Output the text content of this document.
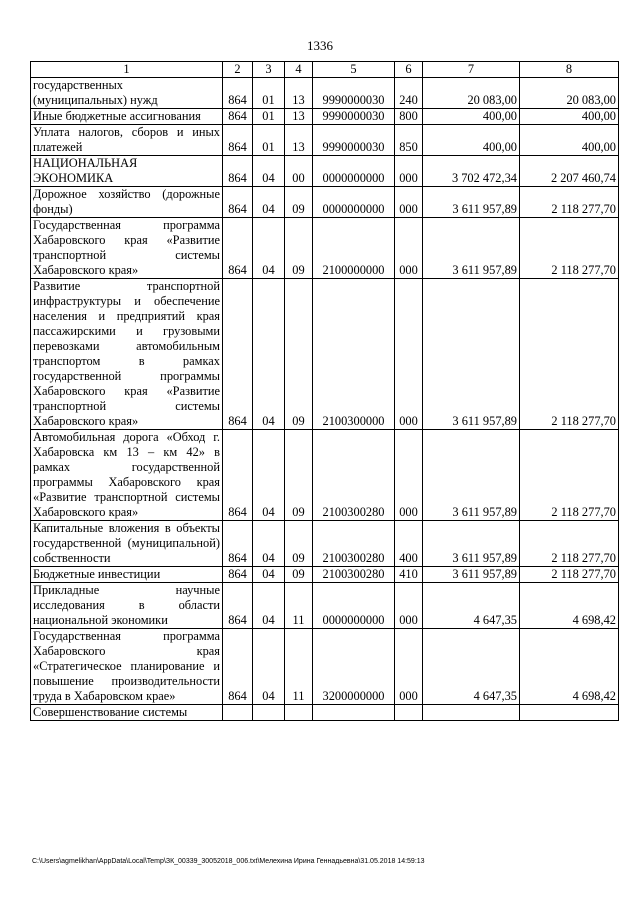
1336
1	2	3	4	5	6	7	8
государственных (муниципальных) нужд	864	01	13	9990000030	240	20 083,00	20 083,00
Иные бюджетные ассигнования	864	01	13	9990000030	800	400,00	400,00
Уплата налогов, сборов и иных платежей	864	01	13	9990000030	850	400,00	400,00
НАЦИОНАЛЬНАЯ ЭКОНОМИКА	864	04	00	0000000000	000	3 702 472,34	2 207 460,74
Дорожное хозяйство (дорожные фонды)	864	04	09	0000000000	000	3 611 957,89	2 118 277,70
Государственная программа Хабаровского края «Развитие транспортной системы Хабаровского края»	864	04	09	2100000000	000	3 611 957,89	2 118 277,70
Развитие транспортной инфраструктуры и обеспечение населения и предприятий края пассажирскими и грузовыми перевозками автомобильным транспортом в рамках государственной программы Хабаровского края «Развитие транспортной системы Хабаровского края»	864	04	09	2100300000	000	3 611 957,89	2 118 277,70
Автомобильная дорога «Обход г. Хабаровска км 13 – км 42» в рамках государственной программы Хабаровского края «Развитие транспортной системы Хабаровского края»	864	04	09	2100300280	000	3 611 957,89	2 118 277,70
Капитальные вложения в объекты государственной (муниципальной) собственности	864	04	09	2100300280	400	3 611 957,89	2 118 277,70
Бюджетные инвестиции	864	04	09	2100300280	410	3 611 957,89	2 118 277,70
Прикладные научные исследования в области национальной экономики	864	04	11	0000000000	000	4 647,35	4 698,42
Государственная программа Хабаровского края «Стратегическое планирование и повышение производительности труда в Хабаровском крае»	864	04	11	3200000000	000	4 647,35	4 698,42
Совершенствование системы							
C:\Users\agmelikhan\AppData\Local\Temp\ЗК_00339_30052018_006.txt\Мелехина Ирина Геннадьевна\31.05.2018 14:59:13
